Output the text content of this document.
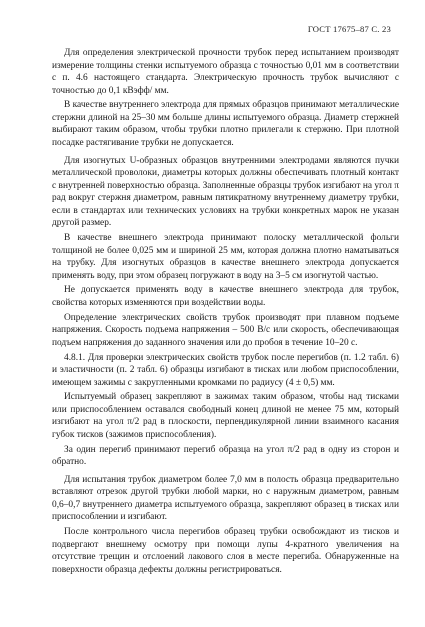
ГОСТ 17675–87 С. 23

Для определения электрической прочности трубок перед испытанием производят измерение толщины стенки испытуемого образца с точностью 0,01 мм в соответствии с п. 4.6 настоящего стандарта. Электрическую прочность трубок вычисляют с точностью до 0,1 кВэфф/ мм.

В качестве внутреннего электрода для прямых образцов принимают металлические стержни длиной на 25–30 мм больше длины испытуемого образца. Диаметр стержней выбирают таким образом, чтобы трубки плотно прилегали к стержню. При плотной посадке растягивание трубки не допускается.

Для изогнутых U-образных образцов внутренними электродами являются пучки металлической проволоки, диаметры которых должны обеспечивать плотный контакт с внутренней поверхностью образца. Заполненные образцы трубок изгибают на угол π рад вокруг стержня диаметром, равным пятикратному внутреннему диаметру трубки, если в стандартах или технических условиях на трубки конкретных марок не указан другой размер.

В качестве внешнего электрода принимают полоску металлической фольги толщиной не более 0,025 мм и шириной 25 мм, которая должна плотно наматываться на трубку. Для изогнутых образцов в качестве внешнего электрода допускается применять воду, при этом образец погружают в воду на 3–5 см изогнутой частью.

Не допускается применять воду в качестве внешнего электрода для трубок, свойства которых изменяются при воздействии воды.

Определение электрических свойств трубок производят при плавном подъеме напряжения. Скорость подъема напряжения – 500 В/с или скорость, обеспечивающая подъем напряжения до заданного значения или до пробоя в течение 10–20 с.

4.8.1. Для проверки электрических свойств трубок после перегибов (п. 1.2 табл. 6) и эластичности (п. 2 табл. 6) образцы изгибают в тисках или любом приспособлении, имеющем зажимы с закругленными кромками по радиусу (4 ± 0,5) мм.

Испытуемый образец закрепляют в зажимах таким образом, чтобы над тисками или приспособлением оставался свободный конец длиной не менее 75 мм, который изгибают на угол π/2 рад в плоскости, перпендикулярной линии взаимного касания губок тисков (зажимов приспособления).

За один перегиб принимают перегиб образца на угол π/2 рад в одну из сторон и обратно.

Для испытания трубок диаметром более 7,0 мм в полость образца предварительно вставляют отрезок другой трубки любой марки, но с наружным диаметром, равным 0,6–0,7 внутреннего диаметра испытуемого образца, закрепляют образец в тисках или приспособлении и изгибают.

После контрольного числа перегибов образец трубки освобождают из тисков и подвергают внешнему осмотру при помощи лупы 4-кратного увеличения на отсутствие трещин и отслоений лакового слоя в месте перегиба. Обнаруженные на поверхности образца дефекты должны регистрироваться.
